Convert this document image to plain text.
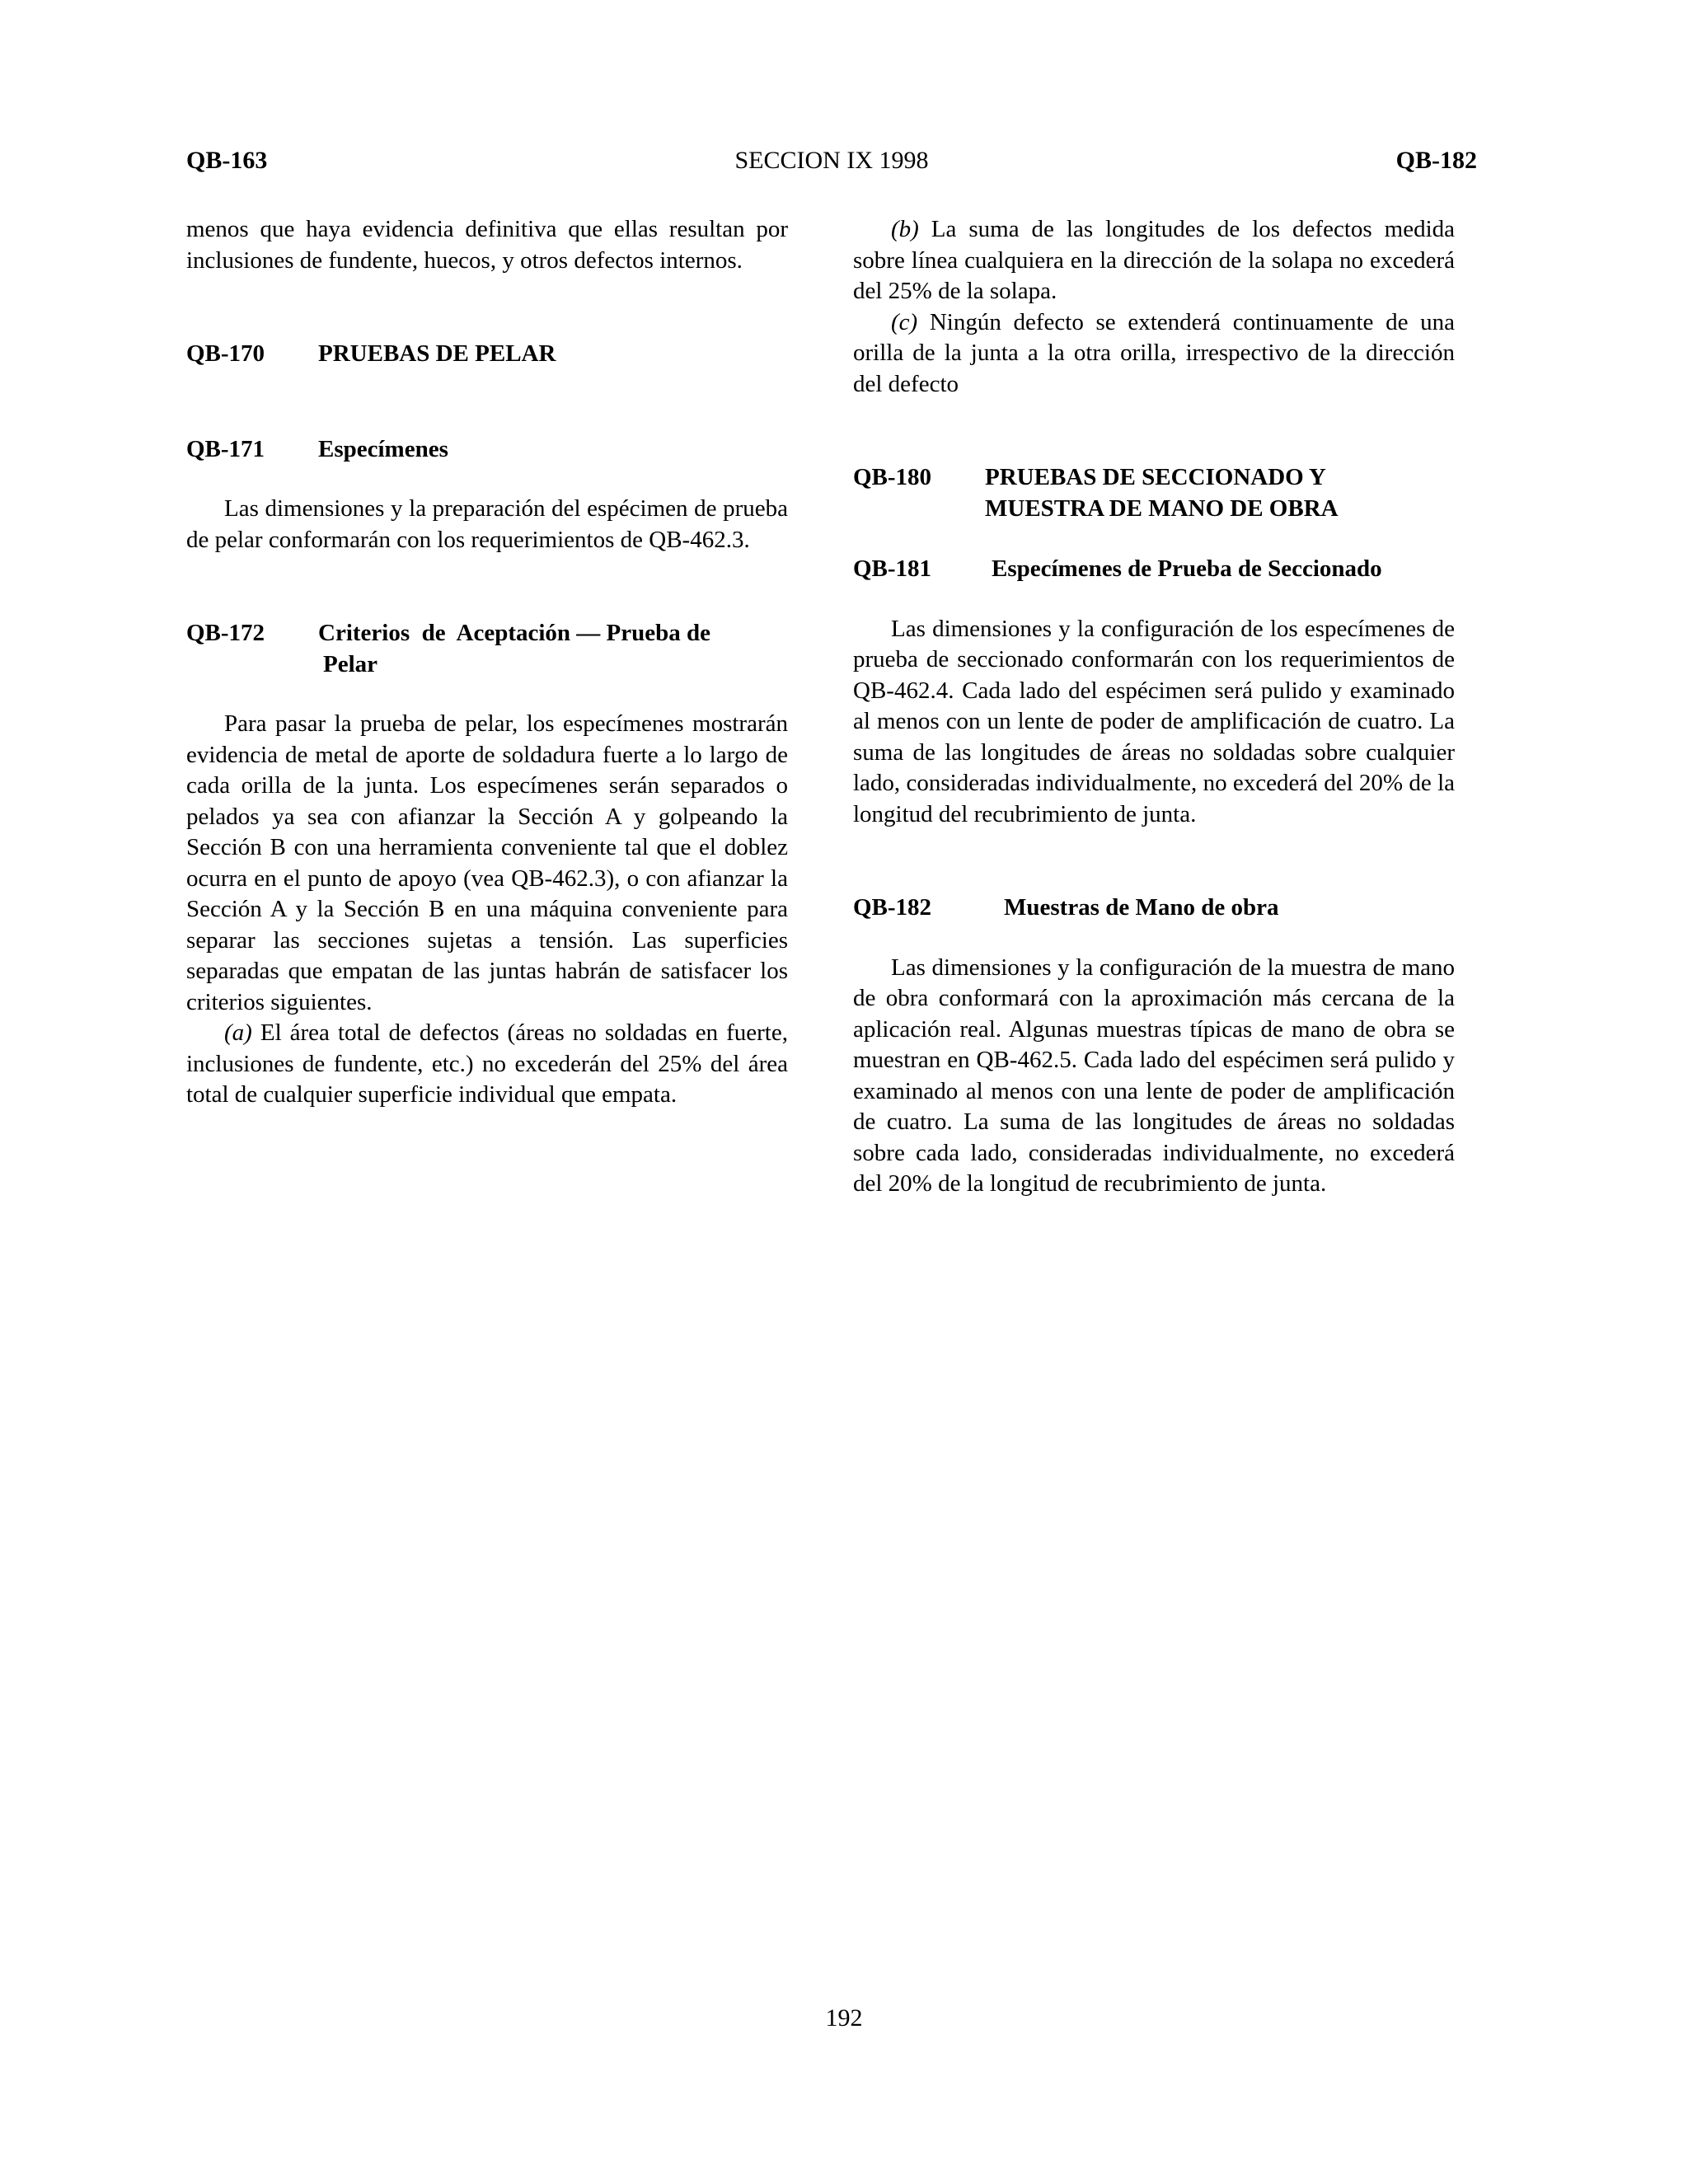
SECCION IX 1998
QB-163	QB-182

menos que haya evidencia definitiva que ellas resultan por inclusiones de fundente, huecos, y otros defectos internos.

QB-170	PRUEBAS DE PELAR
QB-171	Especímenes

Las dimensiones y la preparación del espécimen de prueba de pelar conformarán con los requerimientos de QB-462.3.

QB-172	Criterios  de  Aceptación — Prueba de
Pelar

Para pasar la prueba de pelar, los especímenes mostrarán evidencia de metal de aporte de soldadura fuerte a lo largo de cada orilla de la junta. Los especímenes serán separados o pelados ya sea con afianzar la Sección A y golpeando la Sección B con una herramienta conveniente tal que el doblez ocurra en el punto de apoyo (vea QB-462.3), o con afianzar la Sección A y la Sección B en una máquina conveniente para separar las secciones sujetas a tensión. Las superficies separadas que empatan de las juntas habrán de satisfacer los criterios siguientes.

(a) El área total de defectos (áreas no soldadas en fuerte, inclusiones de fundente, etc.) no excederán del 25% del área total de cualquier superficie individual que empata.

(b) La suma de las longitudes de los defectos medida sobre línea cualquiera en la dirección de la solapa no excederá del 25% de la solapa.

(c) Ningún defecto se extenderá continuamente de una orilla de la junta a la otra orilla, irrespectivo de la dirección del defecto

QB-180	PRUEBAS DE SECCIONADO Y
MUESTRA DE MANO DE OBRA
QB-181	Especímenes de Prueba de Seccionado

Las dimensiones y la configuración de los especímenes de prueba de seccionado conformarán con los requerimientos de QB-462.4. Cada lado del espécimen será pulido y examinado al menos con un lente de poder de amplificación de cuatro. La suma de las longitudes de áreas no soldadas sobre cualquier lado, consideradas individualmente, no excederá del 20% de la longitud del recubrimiento de junta.

QB-182	Muestras de Mano de obra

Las dimensiones y la configuración de la muestra de mano de obra conformará con la aproximación más cercana de la aplicación real. Algunas muestras típicas de mano de obra se muestran en QB-462.5. Cada lado del espécimen será pulido y examinado al menos con una lente de poder de amplificación de cuatro. La suma de las longitudes de áreas no soldadas sobre cada lado, consideradas individualmente, no excederá del 20% de la longitud de recubrimiento de junta.

192
